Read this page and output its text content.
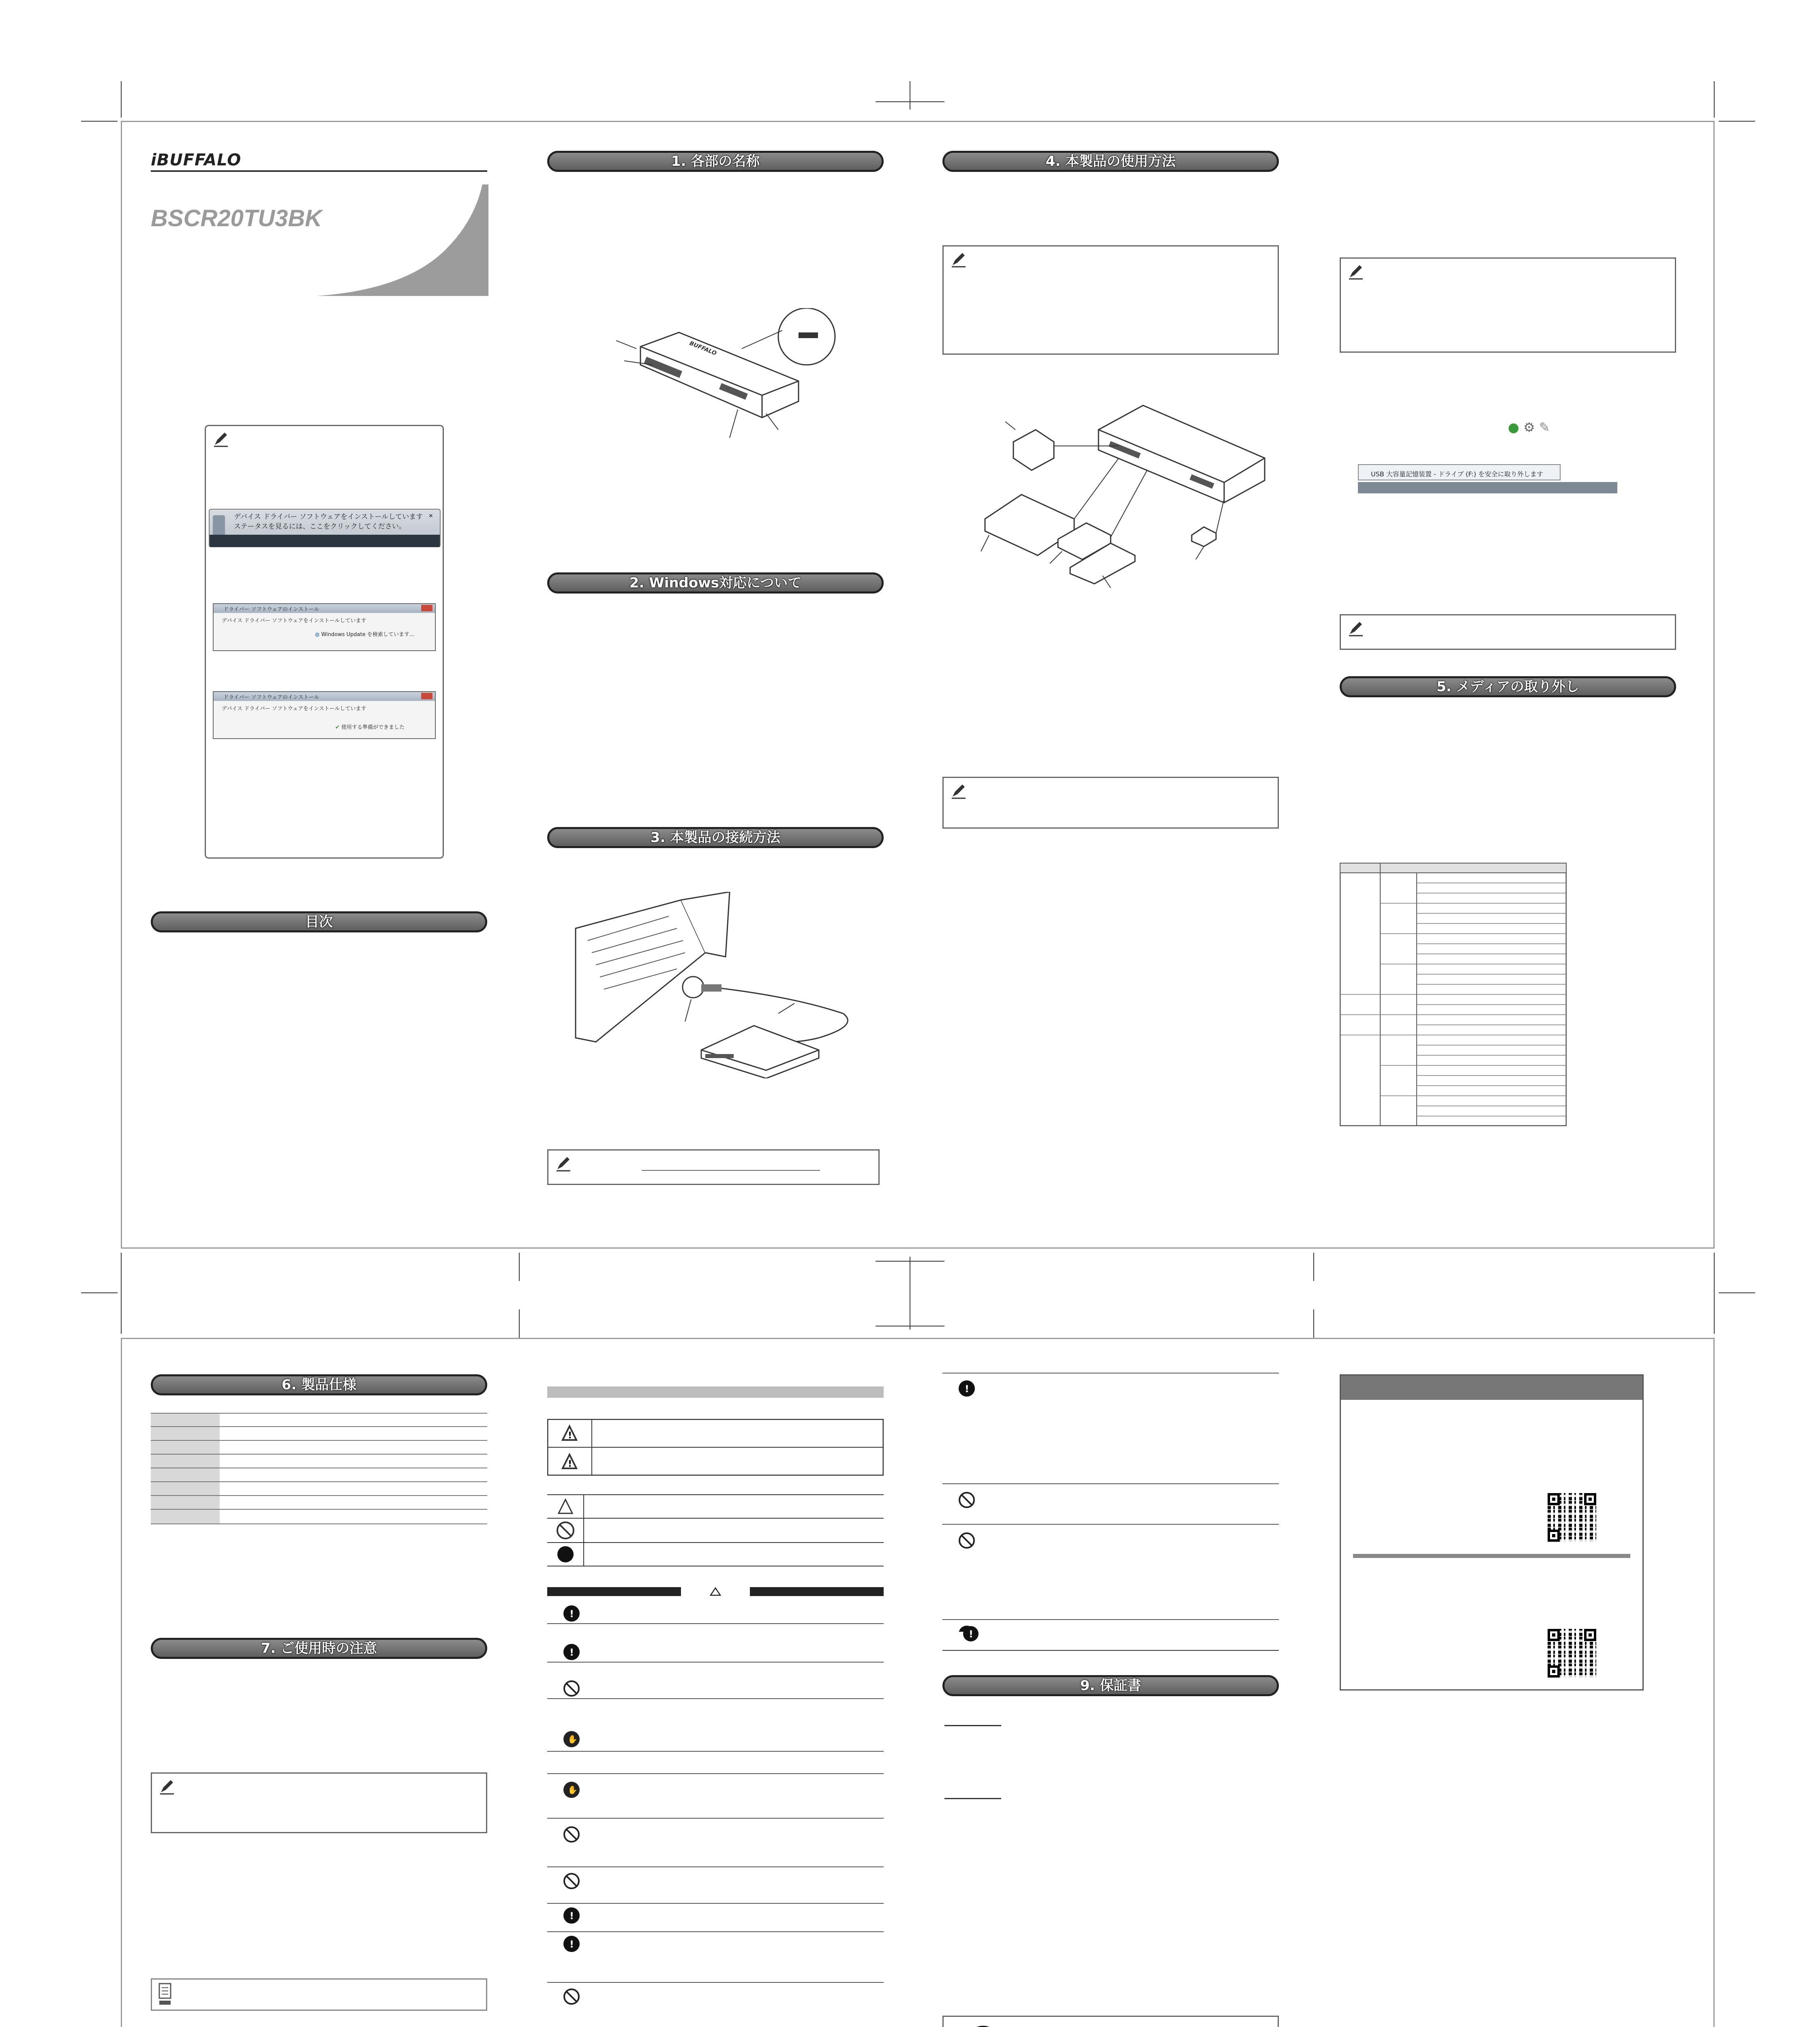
iBUFFALO
BSCR20TU3BK
デバイス ドライバー ソフトウェアをインストールしています
ステータスを見るには、ここをクリックしてください。
✕
ドライバー ソフトウェアのインストール
デバイス ドライバー ソフトウェアをインストールしています
◍ Windows Update を検索しています...
ドライバー ソフトウェアのインストール
デバイス ドライバー ソフトウェアをインストールしています
✔ 使用する準備ができました
目次
1. 各部の名称
BUFFALO
2. Windows対応について
3. 本製品の接続方法
4. 本製品の使用方法
● ⚙ ✎
USB 大容量記憶装置 - ドライブ (F:) を安全に取り外します
5. メディアの取り外し
6. 製品仕様
7. ご使用時の注意
!
!
!
!
!
!
✋
✋
!
!
9. 保証書
